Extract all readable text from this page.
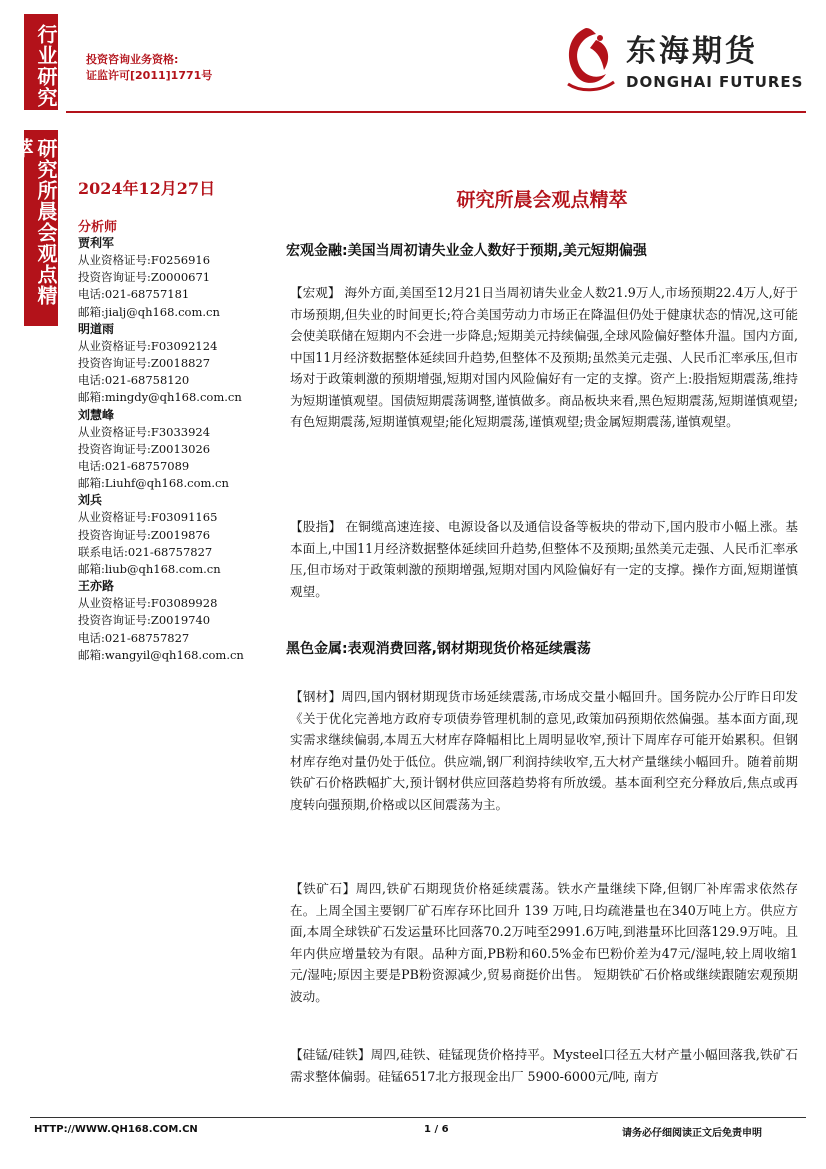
行业研究
研究所晨会观点精萃
投资咨询业务资格:
证监许可[2011]1771号
东海期货
DONGHAI FUTURES
2024年12月27日
研究所晨会观点精萃
分析师
贾利军
从业资格证号:F0256916
投资咨询证号:Z0000671
电话:021-68757181
邮箱:jialj@qh168.com.cn
明道雨
从业资格证号:F03092124
投资咨询证号:Z0018827
电话:021-68758120
邮箱:mingdy@qh168.com.cn
刘慧峰
从业资格证号:F3033924
投资咨询证号:Z0013026
电话:021-68757089
邮箱:Liuhf@qh168.com.cn
刘兵
从业资格证号:F03091165
投资咨询证号:Z0019876
联系电话:021-68757827
邮箱:liub@qh168.com.cn
王亦路
从业资格证号:F03089928
投资咨询证号:Z0019740
电话:021-68757827
邮箱:wangyil@qh168.com.cn
宏观金融:美国当周初请失业金人数好于预期,美元短期偏强
【宏观】 海外方面,美国至12月21日当周初请失业金人数21.9万人,市场预期22.4万人,好于市场预期,但失业的时间更长;符合美国劳动力市场正在降温但仍处于健康状态的情况,这可能会使美联储在短期内不会进一步降息;短期美元持续偏强,全球风险偏好整体升温。国内方面,中国11月经济数据整体延续回升趋势,但整体不及预期;虽然美元走强、人民币汇率承压,但市场对于政策刺激的预期增强,短期对国内风险偏好有一定的支撑。资产上:股指短期震荡,维持为短期谨慎观望。国债短期震荡调整,谨慎做多。商品板块来看,黑色短期震荡,短期谨慎观望;有色短期震荡,短期谨慎观望;能化短期震荡,谨慎观望;贵金属短期震荡,谨慎观望。
【股指】 在铜缆高速连接、电源设备以及通信设备等板块的带动下,国内股市小幅上涨。基本面上,中国11月经济数据整体延续回升趋势,但整体不及预期;虽然美元走强、人民币汇率承压,但市场对于政策刺激的预期增强,短期对国内风险偏好有一定的支撑。操作方面,短期谨慎观望。
黑色金属:表观消费回落,钢材期现货价格延续震荡
【钢材】周四,国内钢材期现货市场延续震荡,市场成交量小幅回升。国务院办公厅昨日印发《关于优化完善地方政府专项债券管理机制的意见,政策加码预期依然偏强。基本面方面,现实需求继续偏弱,本周五大材库存降幅相比上周明显收窄,预计下周库存可能开始累积。但钢材库存绝对量仍处于低位。供应端,钢厂利润持续收窄,五大材产量继续小幅回升。随着前期铁矿石价格跌幅扩大,预计钢材供应回落趋势将有所放缓。基本面利空充分释放后,焦点或再度转向强预期,价格或以区间震荡为主。
【铁矿石】周四,铁矿石期现货价格延续震荡。铁水产量继续下降,但钢厂补库需求依然存在。上周全国主要钢厂矿石库存环比回升 139 万吨,日均疏港量也在340万吨上方。供应方面,本周全球铁矿石发运量环比回落70.2万吨至2991.6万吨,到港量环比回落129.9万吨。且年内供应增量较为有限。品种方面,PB粉和60.5%金布巴粉价差为47元/湿吨,较上周收缩1元/湿吨;原因主要是PB粉资源减少,贸易商挺价出售。 短期铁矿石价格或继续跟随宏观预期波动。
【硅锰/硅铁】周四,硅铁、硅锰现货价格持平。Mysteel口径五大材产量小幅回落我,铁矿石需求整体偏弱。硅锰6517北方报现金出厂 5900-6000元/吨, 南方
HTTP://WWW.QH168.COM.CN	1 / 6	请务必仔细阅读正文后免责申明
